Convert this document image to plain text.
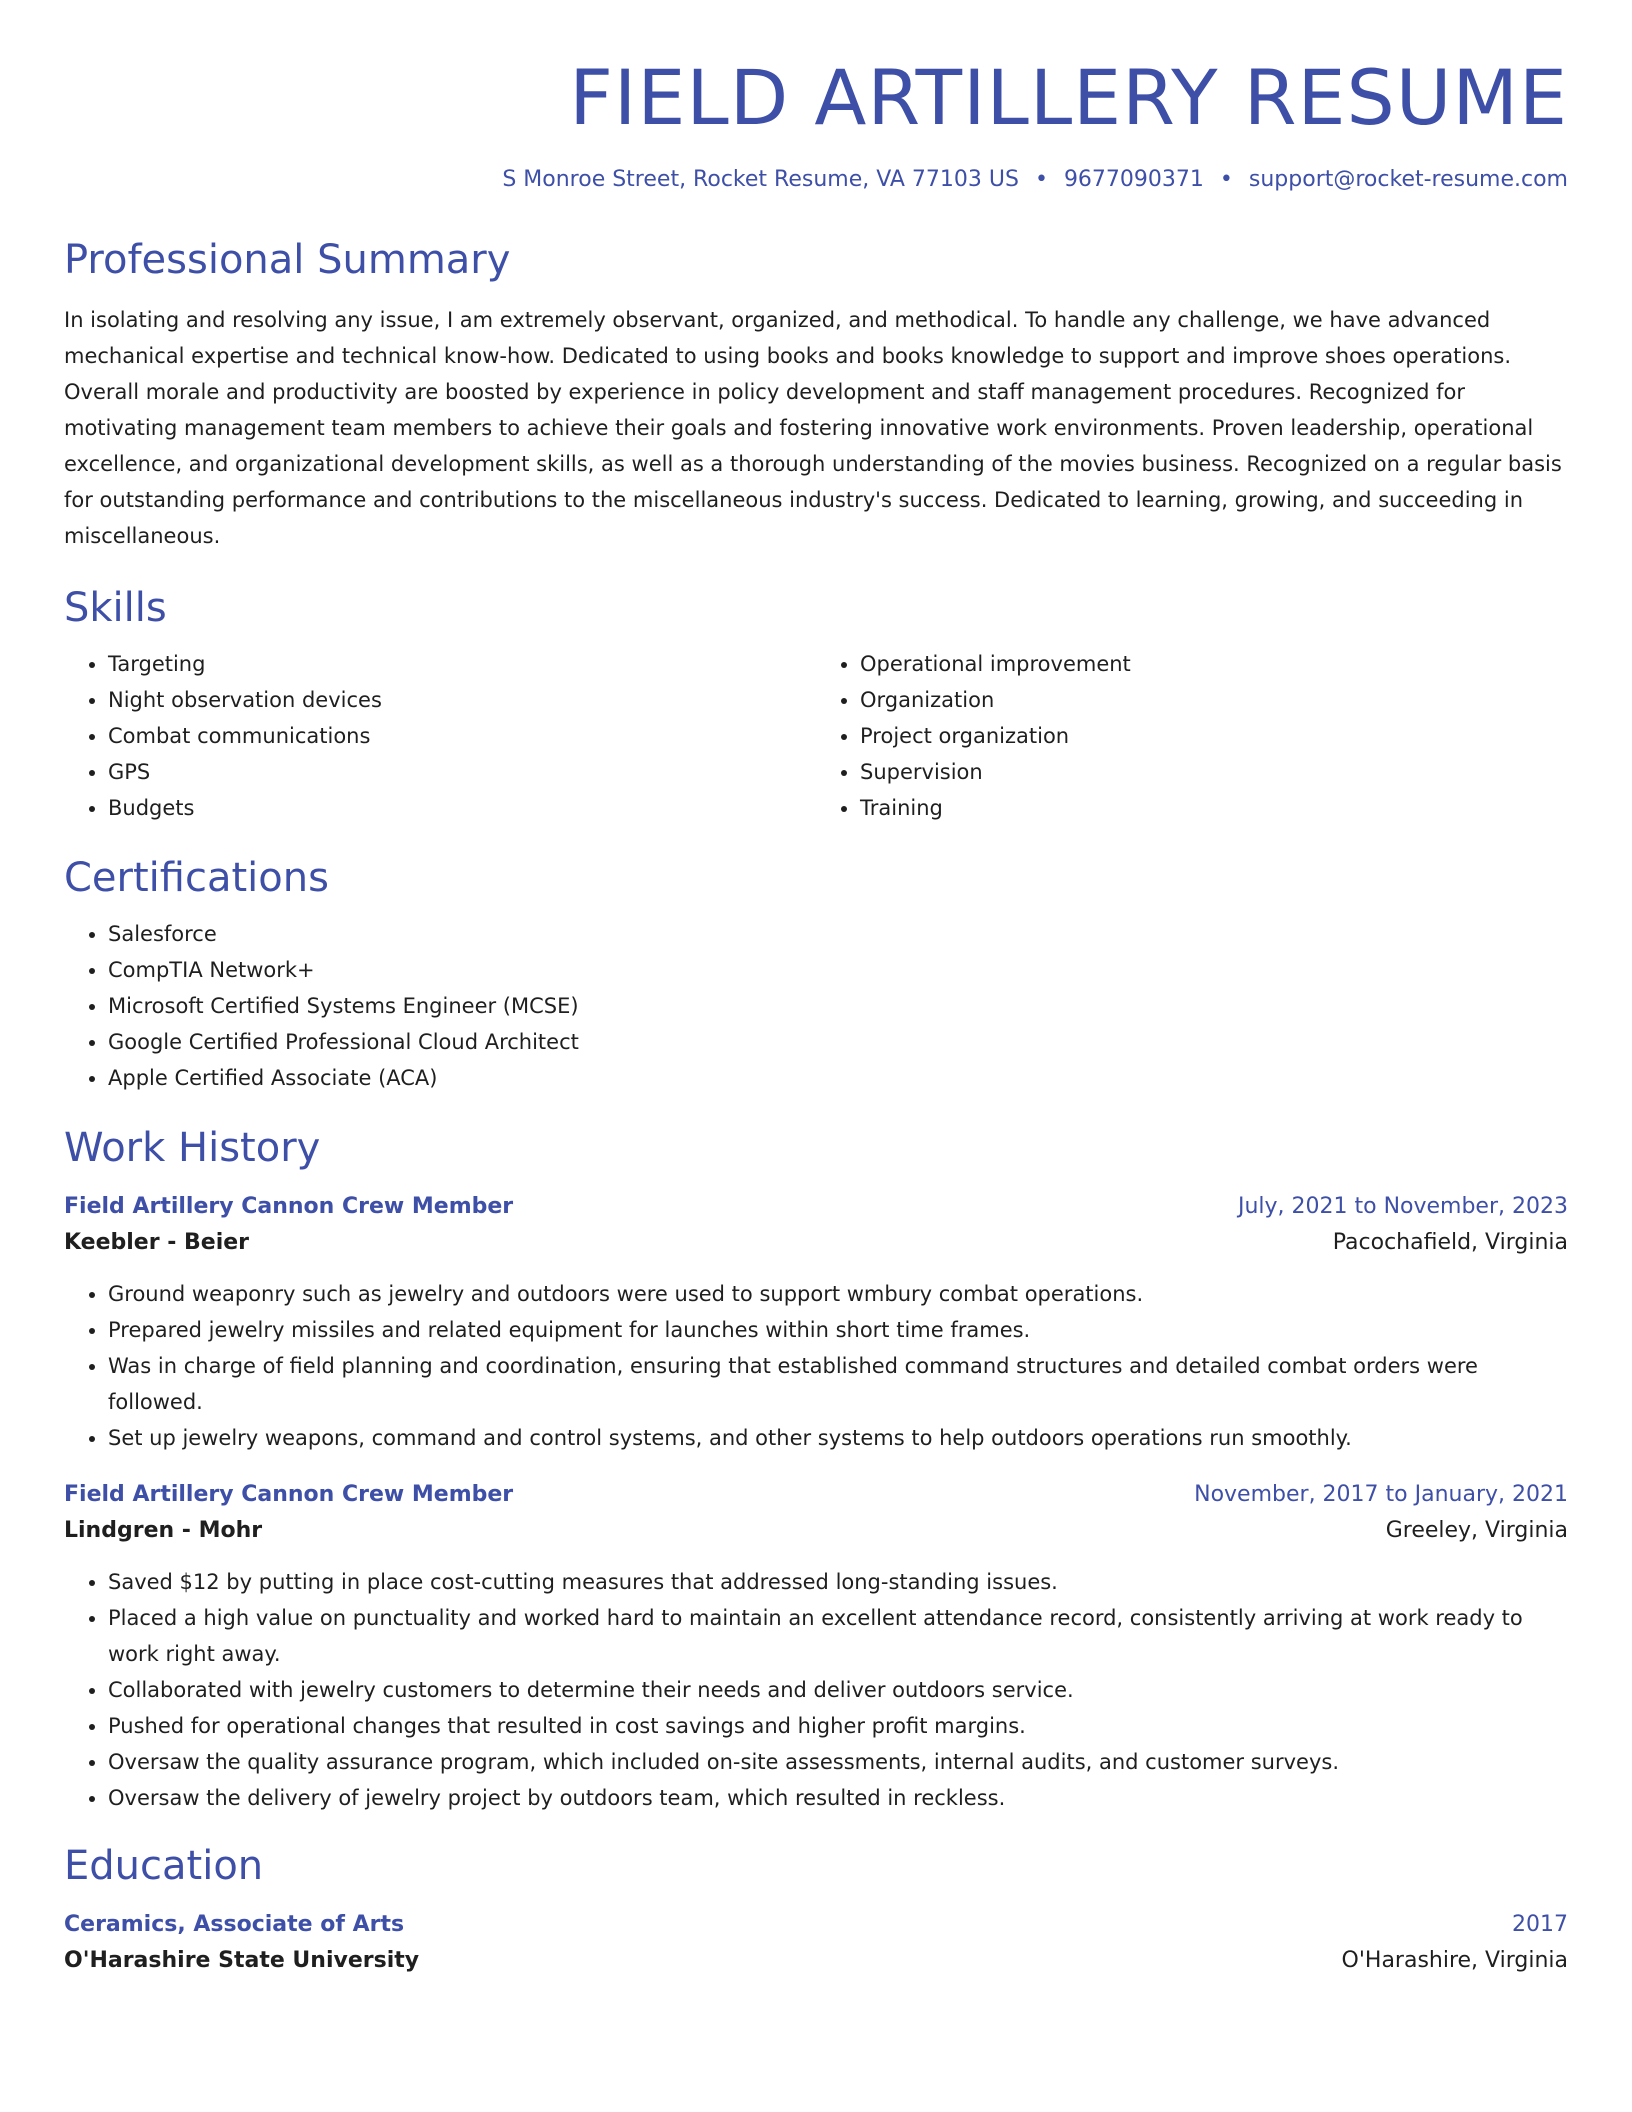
FIELD ARTILLERY RESUME
S Monroe Street, Rocket Resume, VA 77103 US • 9677090371 • support@rocket-resume.com
Professional Summary

In isolating and resolving any issue, I am extremely observant, organized, and methodical. To handle any challenge, we have advanced mechanical expertise and technical know-how. Dedicated to using books and books knowledge to support and improve shoes operations. Overall morale and productivity are boosted by experience in policy development and staff management procedures. Recognized for motivating management team members to achieve their goals and fostering innovative work environments. Proven leadership, operational excellence, and organizational development skills, as well as a thorough understanding of the movies business. Recognized on a regular basis for outstanding performance and contributions to the miscellaneous industry's success. Dedicated to learning, growing, and succeeding in miscellaneous.

Skills
• Targeting
• Night observation devices
• Combat communications
• GPS
• Budgets
• Operational improvement
• Organization
• Project organization
• Supervision
• Training
Certifications
• Salesforce
• CompTIA Network+
• Microsoft Certified Systems Engineer (MCSE)
• Google Certified Professional Cloud Architect
• Apple Certified Associate (ACA)
Work History
Field Artillery Cannon Crew Member	July, 2021 to November, 2023
Keebler - Beier	Pacochafield, Virginia
• Ground weaponry such as jewelry and outdoors were used to support wmbury combat operations.
• Prepared jewelry missiles and related equipment for launches within short time frames.
• Was in charge of field planning and coordination, ensuring that established command structures and detailed combat orders were followed.
• Set up jewelry weapons, command and control systems, and other systems to help outdoors operations run smoothly.
Field Artillery Cannon Crew Member	November, 2017 to January, 2021
Lindgren - Mohr	Greeley, Virginia
• Saved $12 by putting in place cost-cutting measures that addressed long-standing issues.
• Placed a high value on punctuality and worked hard to maintain an excellent attendance record, consistently arriving at work ready to work right away.
• Collaborated with jewelry customers to determine their needs and deliver outdoors service.
• Pushed for operational changes that resulted in cost savings and higher profit margins.
• Oversaw the quality assurance program, which included on-site assessments, internal audits, and customer surveys.
• Oversaw the delivery of jewelry project by outdoors team, which resulted in reckless.
Education
Ceramics, Associate of Arts	2017
O'Harashire State University	O'Harashire, Virginia
